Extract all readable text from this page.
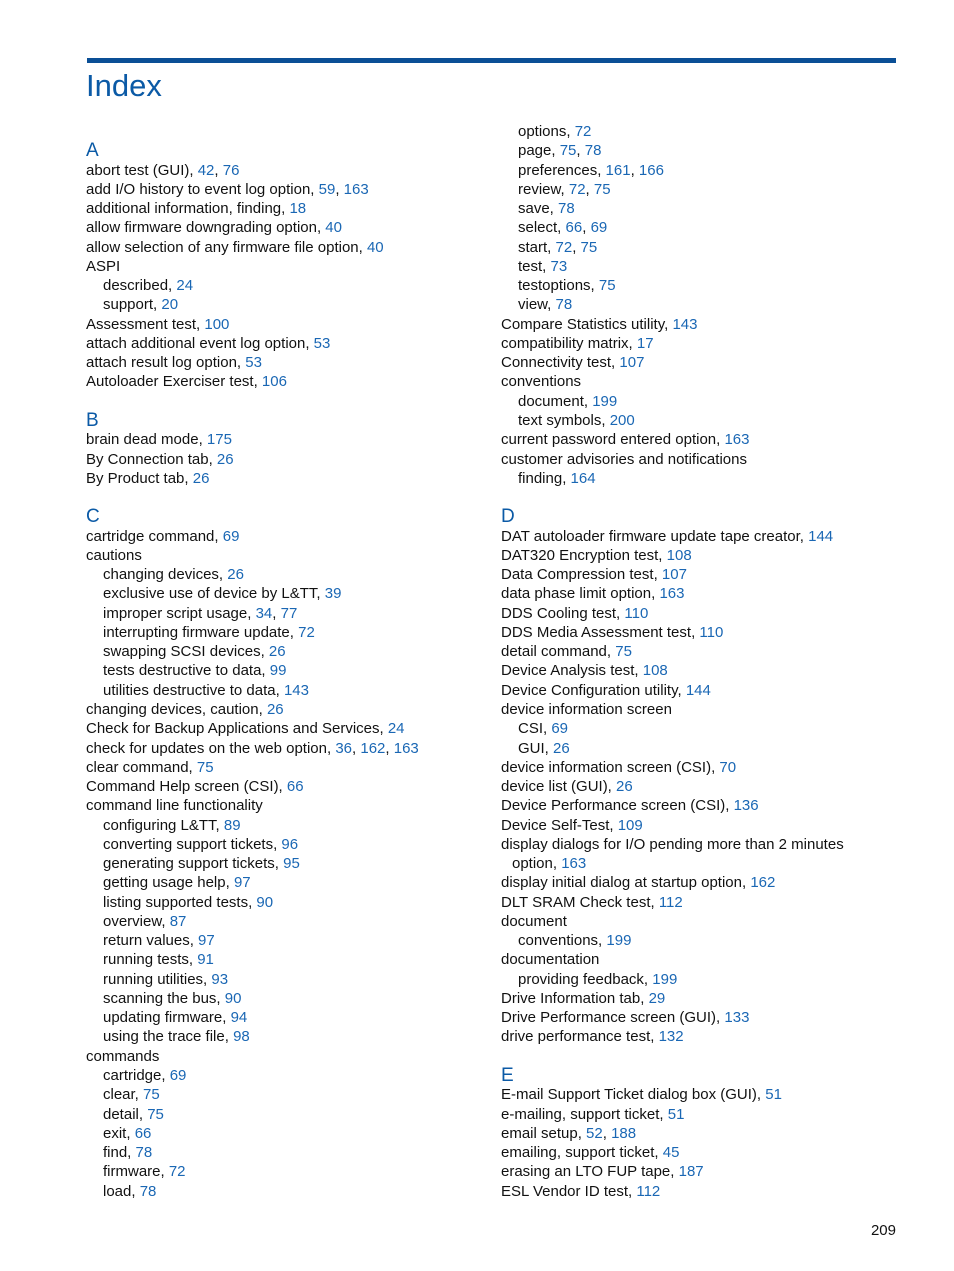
Index
A
abort test (GUI), 42, 76
add I/O history to event log option, 59, 163
additional information, finding, 18
allow firmware downgrading option, 40
allow selection of any firmware file option, 40
ASPI
described, 24
support, 20
Assessment test, 100
attach additional event log option, 53
attach result log option, 53
Autoloader Exerciser test, 106
B
brain dead mode, 175
By Connection tab, 26
By Product tab, 26
C
cartridge command, 69
cautions
changing devices, 26
exclusive use of device by L&TT, 39
improper script usage, 34, 77
interrupting firmware update, 72
swapping SCSI devices, 26
tests destructive to data, 99
utilities destructive to data, 143
changing devices, caution, 26
Check for Backup Applications and Services, 24
check for updates on the web option, 36, 162, 163
clear command, 75
Command Help screen (CSI), 66
command line functionality
configuring L&TT, 89
converting support tickets, 96
generating support tickets, 95
getting usage help, 97
listing supported tests, 90
overview, 87
return values, 97
running tests, 91
running utilities, 93
scanning the bus, 90
updating firmware, 94
using the trace file, 98
commands
cartridge, 69
clear, 75
detail, 75
exit, 66
find, 78
firmware, 72
load, 78
options, 72
page, 75, 78
preferences, 161, 166
review, 72, 75
save, 78
select, 66, 69
start, 72, 75
test, 73
testoptions, 75
view, 78
Compare Statistics utility, 143
compatibility matrix, 17
Connectivity test, 107
conventions
document, 199
text symbols, 200
current password entered option, 163
customer advisories and notifications
finding, 164
D
DAT autoloader firmware update tape creator, 144
DAT320 Encryption test, 108
Data Compression test, 107
data phase limit option, 163
DDS Cooling test, 110
DDS Media Assessment test, 110
detail command, 75
Device Analysis test, 108
Device Configuration utility, 144
device information screen
CSI, 69
GUI, 26
device information screen (CSI), 70
device list (GUI), 26
Device Performance screen (CSI), 136
Device Self-Test, 109
display dialogs for I/O pending more than 2 minutes
option, 163
display initial dialog at startup option, 162
DLT SRAM Check test, 112
document
conventions, 199
documentation
providing feedback, 199
Drive Information tab, 29
Drive Performance screen (GUI), 133
drive performance test, 132
E
E-mail Support Ticket dialog box (GUI), 51
e-mailing, support ticket, 51
email setup, 52, 188
emailing, support ticket, 45
erasing an LTO FUP tape, 187
ESL Vendor ID test, 112
209
